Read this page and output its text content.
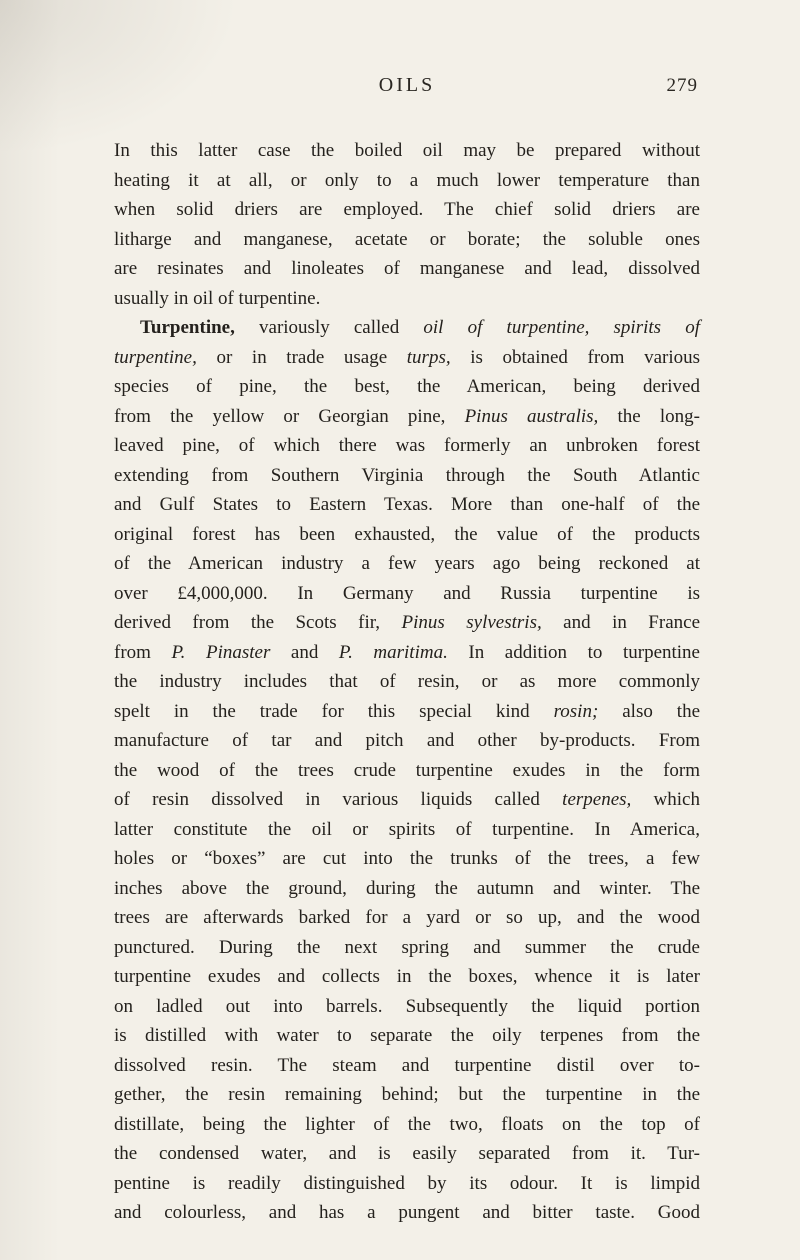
OILS	279
In this latter case the boiled oil may be prepared without
heating it at all, or only to a much lower temperature than
when solid driers are employed. The chief solid driers are
litharge and manganese, acetate or borate; the soluble ones
are resinates and linoleates of manganese and lead, dissolved
usually in oil of turpentine.
Turpentine, variously called oil of turpentine, spirits of
turpentine, or in trade usage turps, is obtained from various
species of pine, the best, the American, being derived
from the yellow or Georgian pine, Pinus australis, the long-
leaved pine, of which there was formerly an unbroken forest
extending from Southern Virginia through the South Atlantic
and Gulf States to Eastern Texas. More than one-half of the
original forest has been exhausted, the value of the products
of the American industry a few years ago being reckoned at
over £4,000,000. In Germany and Russia turpentine is
derived from the Scots fir, Pinus sylvestris, and in France
from P. Pinaster and P. maritima. In addition to turpentine
the industry includes that of resin, or as more commonly
spelt in the trade for this special kind rosin; also the
manufacture of tar and pitch and other by-products. From
the wood of the trees crude turpentine exudes in the form
of resin dissolved in various liquids called terpenes, which
latter constitute the oil or spirits of turpentine. In America,
holes or “boxes” are cut into the trunks of the trees, a few
inches above the ground, during the autumn and winter. The
trees are afterwards barked for a yard or so up, and the wood
punctured. During the next spring and summer the crude
turpentine exudes and collects in the boxes, whence it is later
on ladled out into barrels. Subsequently the liquid portion
is distilled with water to separate the oily terpenes from the
dissolved resin. The steam and turpentine distil over to-
gether, the resin remaining behind; but the turpentine in the
distillate, being the lighter of the two, floats on the top of
the condensed water, and is easily separated from it. Tur-
pentine is readily distinguished by its odour. It is limpid
and colourless, and has a pungent and bitter taste. Good
